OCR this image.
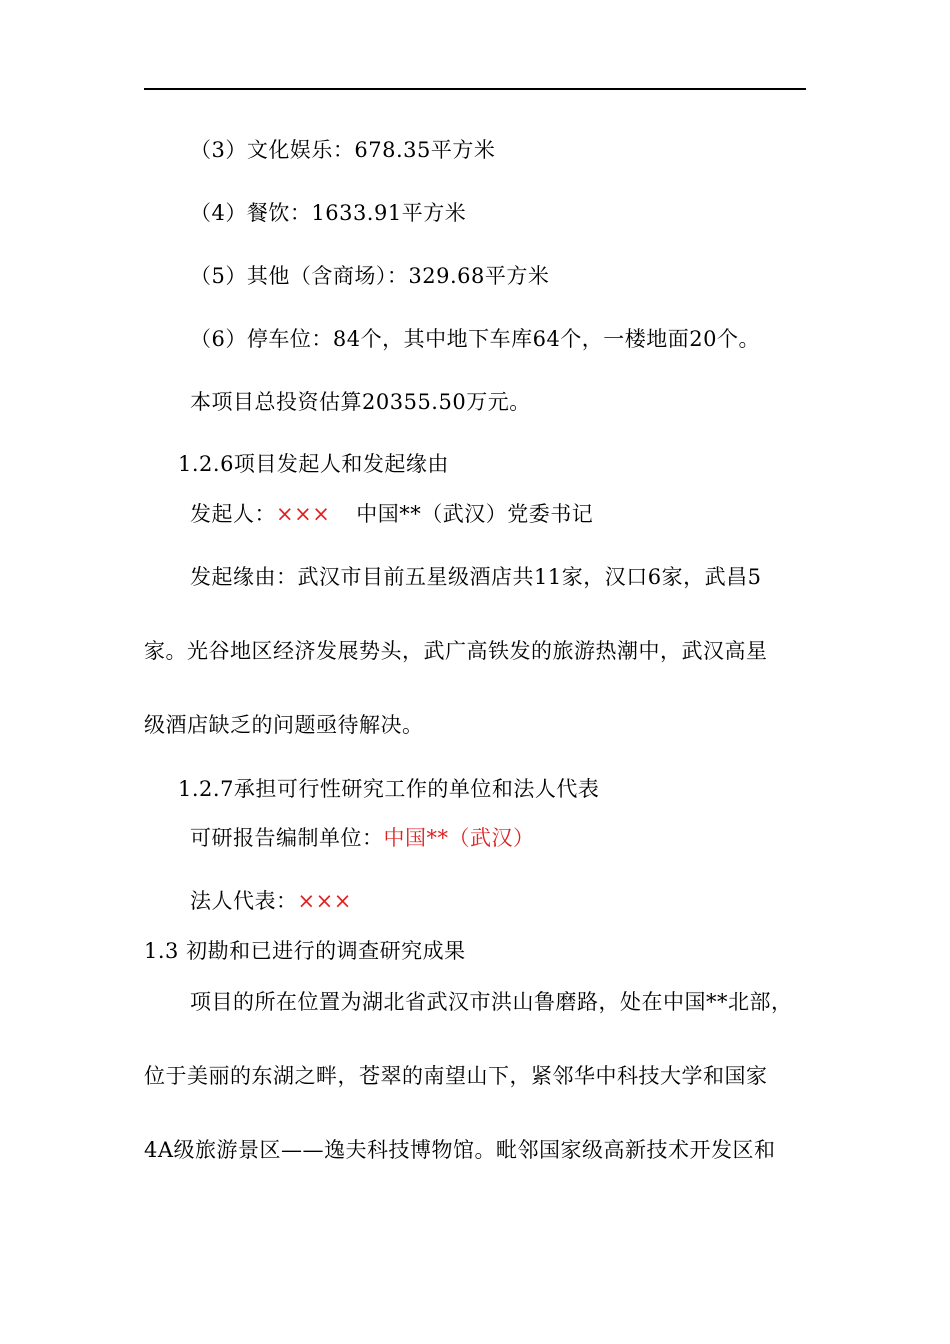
（3）文化娱乐：678.35平方米
（4）餐饮：1633.91平方米
（5）其他（含商场）：329.68平方米
（6）停车位：84个，其中地下车库64个，一楼地面20个。
本项目总投资估算20355.50万元。
1.2.6项目发起人和发起缘由
发起人：××× 中国**（武汉）党委书记
发起缘由：武汉市目前五星级酒店共11家，汉口6家，武昌5
家。光谷地区经济发展势头，武广高铁发的旅游热潮中，武汉高星
级酒店缺乏的问题亟待解决。
1.2.7承担可行性研究工作的单位和法人代表
可研报告编制单位：中国**（武汉）
法人代表：×××
1.3 初勘和已进行的调查研究成果
项目的所在位置为湖北省武汉市洪山鲁磨路，处在中国**北部，
位于美丽的东湖之畔，苍翠的南望山下，紧邻华中科技大学和国家
4A级旅游景区——逸夫科技博物馆。毗邻国家级高新技术开发区和
